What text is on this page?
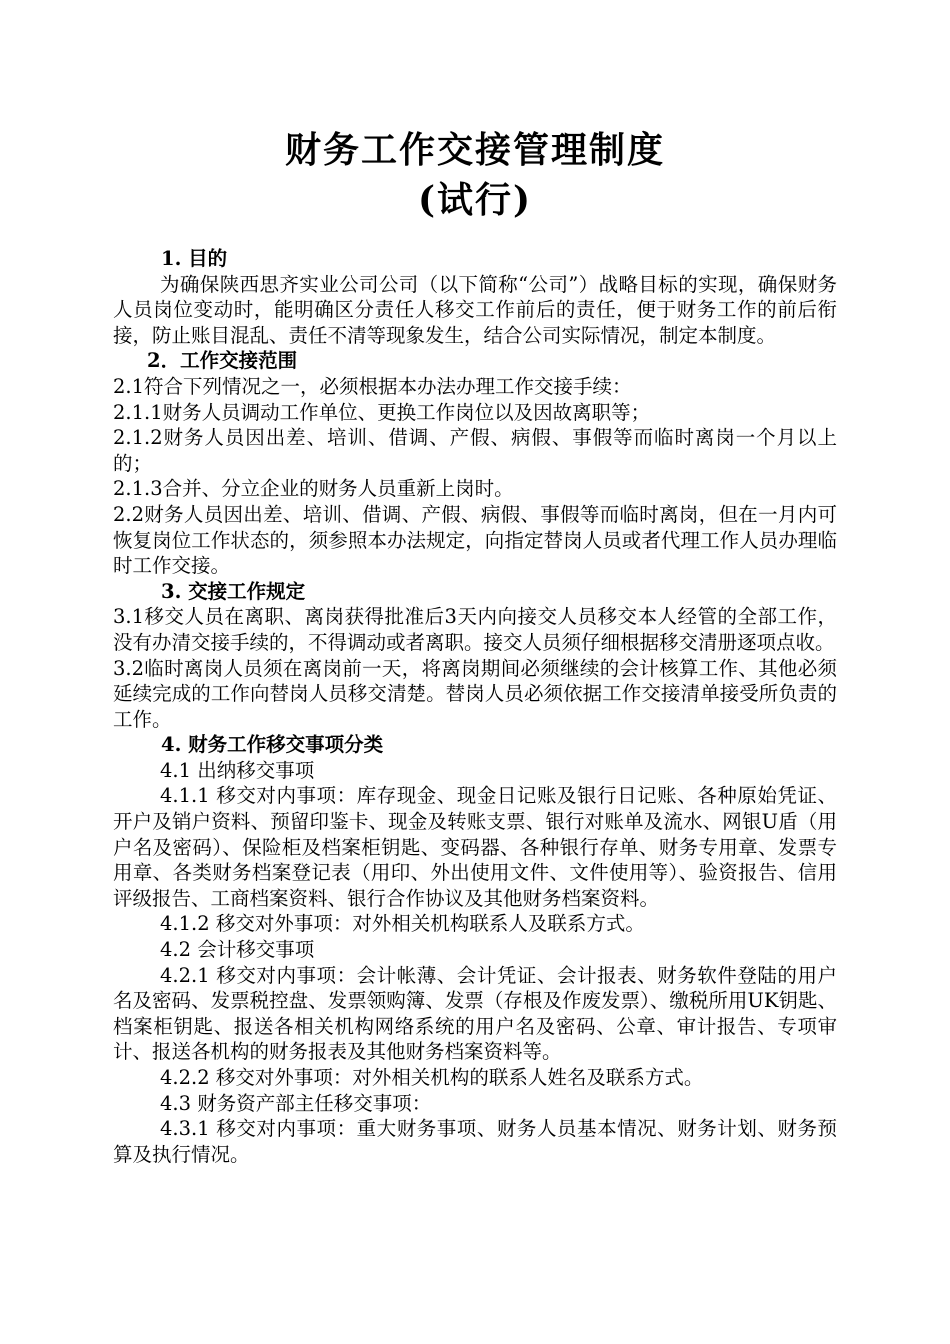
财务工作交接管理制度
(试行)

1. 目的

为确保陕西思齐实业公司公司（以下简称“公司”）战略目标的实现，确保财务人员岗位变动时，能明确区分责任人移交工作前后的责任，便于财务工作的前后衔接，防止账目混乱、责任不清等现象发生，结合公司实际情况，制定本制度。

2．工作交接范围

2.1符合下列情况之一，必须根据本办法办理工作交接手续：

2.1.1财务人员调动工作单位、更换工作岗位以及因故离职等；

2.1.2财务人员因出差、培训、借调、产假、病假、事假等而临时离岗一个月以上的；

2.1.3合并、分立企业的财务人员重新上岗时。

2.2财务人员因出差、培训、借调、产假、病假、事假等而临时离岗，但在一月内可恢复岗位工作状态的，须参照本办法规定，向指定替岗人员或者代理工作人员办理临时工作交接。

3. 交接工作规定

3.1移交人员在离职、离岗获得批准后3天内向接交人员移交本人经管的全部工作，没有办清交接手续的，不得调动或者离职。接交人员须仔细根据移交清册逐项点收。

3.2临时离岗人员须在离岗前一天，将离岗期间必须继续的会计核算工作、其他必须延续完成的工作向替岗人员移交清楚。替岗人员必须依据工作交接清单接受所负责的工作。

4. 财务工作移交事项分类

4.1 出纳移交事项

4.1.1 移交对内事项：库存现金、现金日记账及银行日记账、各种原始凭证、开户及销户资料、预留印鉴卡、现金及转账支票、银行对账单及流水、网银U盾（用户名及密码）、保险柜及档案柜钥匙、变码器、各种银行存单、财务专用章、发票专用章、各类财务档案登记表（用印、外出使用文件、文件使用等）、验资报告、信用评级报告、工商档案资料、银行合作协议及其他财务档案资料。

4.1.2 移交对外事项：对外相关机构联系人及联系方式。

4.2 会计移交事项

4.2.1 移交对内事项：会计帐薄、会计凭证、会计报表、财务软件登陆的用户名及密码、发票税控盘、发票领购簿、发票（存根及作废发票）、缴税所用UK钥匙、档案柜钥匙、报送各相关机构网络系统的用户名及密码、公章、审计报告、专项审计、报送各机构的财务报表及其他财务档案资料等。

4.2.2 移交对外事项：对外相关机构的联系人姓名及联系方式。

4.3 财务资产部主任移交事项：

4.3.1 移交对内事项：重大财务事项、财务人员基本情况、财务计划、财务预算及执行情况。
